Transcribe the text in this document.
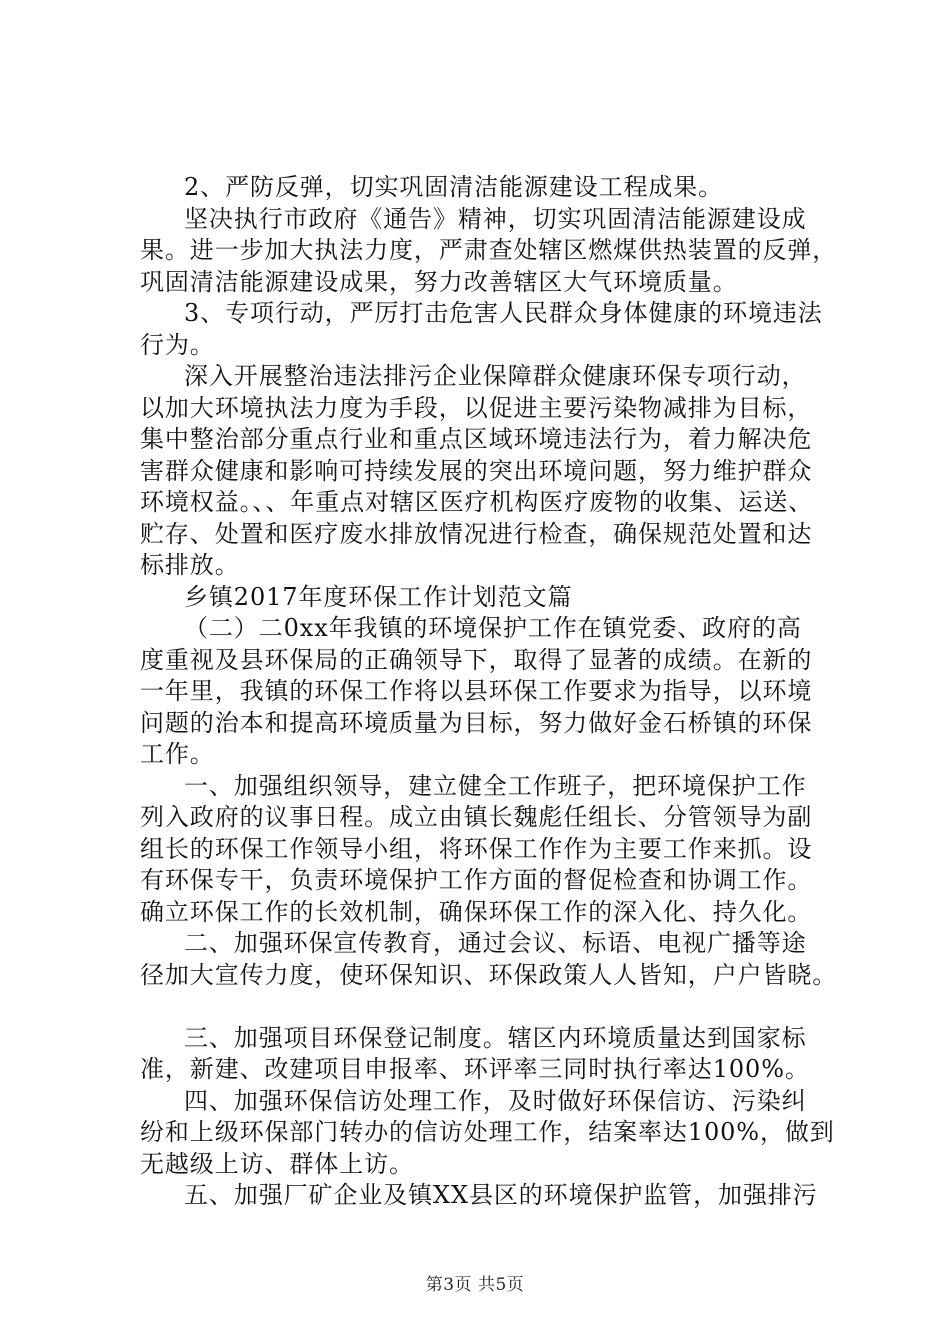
2、严防反弹，切实巩固清洁能源建设工程成果。
坚决执行市政府《通告》精神，切实巩固清洁能源建设成
果。进一步加大执法力度，严肃查处辖区燃煤供热装置的反弹，
巩固清洁能源建设成果，努力改善辖区大气环境质量。
3、专项行动，严厉打击危害人民群众身体健康的环境违法
行为。
深入开展整治违法排污企业保障群众健康环保专项行动，
以加大环境执法力度为手段，以促进主要污染物减排为目标，
集中整治部分重点行业和重点区域环境违法行为，着力解决危
害群众健康和影响可持续发展的突出环境问题，努力维护群众
环境权益。、、年重点对辖区医疗机构医疗废物的收集、运送、
贮存、处置和医疗废水排放情况进行检查，确保规范处置和达
标排放。
乡镇2017年度环保工作计划范文篇
（二）二0xx年我镇的环境保护工作在镇党委、政府的高
度重视及县环保局的正确领导下，取得了显著的成绩。在新的
一年里，我镇的环保工作将以县环保工作要求为指导，以环境
问题的治本和提高环境质量为目标，努力做好金石桥镇的环保
工作。
一、加强组织领导，建立健全工作班子，把环境保护工作
列入政府的议事日程。成立由镇长魏彪任组长、分管领导为副
组长的环保工作领导小组，将环保工作作为主要工作来抓。设
有环保专干，负责环境保护工作方面的督促检查和协调工作。
确立环保工作的长效机制，确保环保工作的深入化、持久化。
二、加强环保宣传教育，通过会议、标语、电视广播等途
径加大宣传力度，使环保知识、环保政策人人皆知，户户皆晓。
三、加强项目环保登记制度。辖区内环境质量达到国家标
准，新建、改建项目申报率、环评率三同时执行率达100%。
四、加强环保信访处理工作，及时做好环保信访、污染纠
纷和上级环保部门转办的信访处理工作，结案率达100%，做到
无越级上访、群体上访。
五、加强厂矿企业及镇XX县区的环境保护监管，加强排污
第3页 共5页
